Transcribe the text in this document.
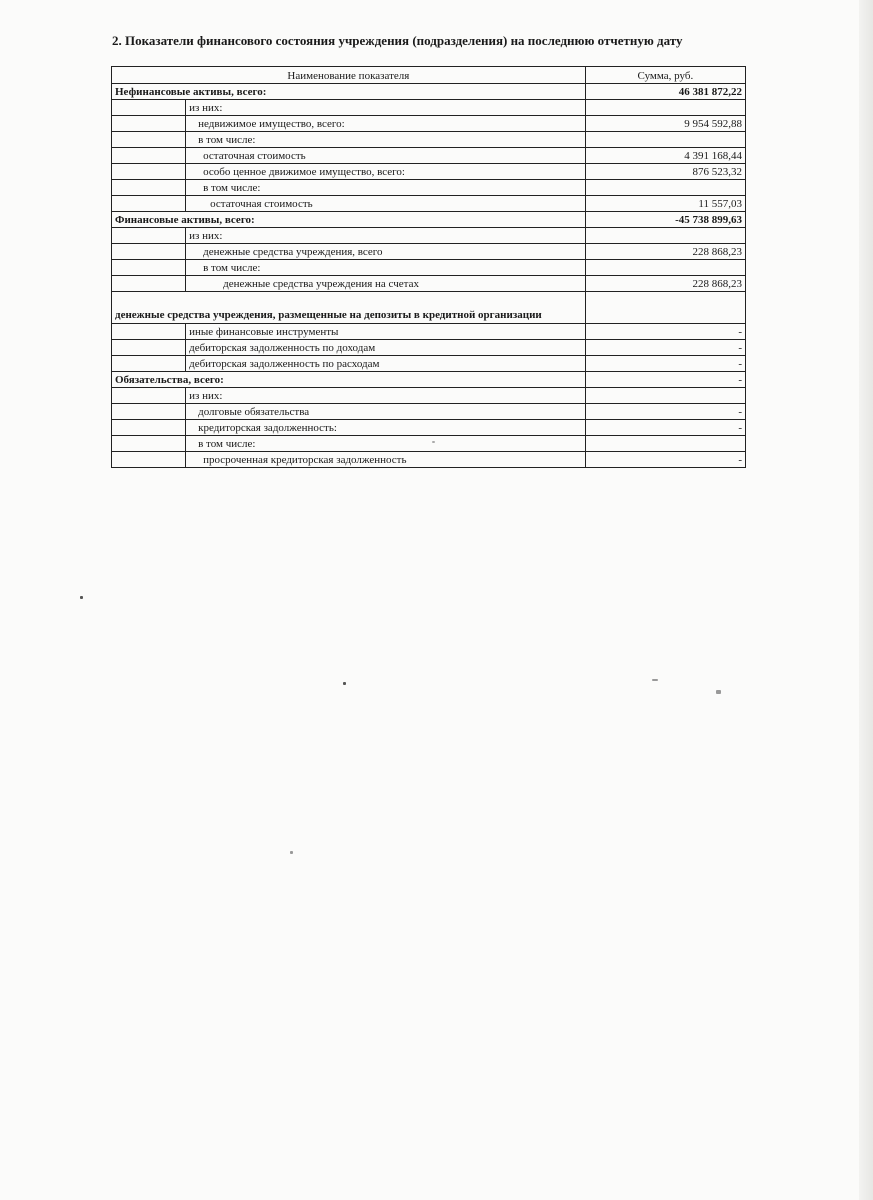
2. Показатели финансового состояния учреждения (подразделения) на последнюю отчетную дату
Наименование показателя		Сумма, руб.
Нефинансовые активы, всего:		46 381 872,22
	из них:	
	недвижимое имущество, всего:	9 954 592,88
	в том числе:	
	остаточная стоимость	4 391 168,44
	особо ценное движимое имущество, всего:	876 523,32
	в том числе:	
	остаточная стоимость	11 557,03
Финансовые активы, всего:		-45 738 899,63
	из них:	
	денежные средства учреждения, всего	228 868,23
	в том числе:	
	денежные средства учреждения на счетах	228 868,23
денежные средства учреждения, размещенные на депозиты в кредитной организации		
	иные финансовые инструменты	-
	дебиторская задолженность по доходам	-
	дебиторская задолженность по расходам	-
Обязательства, всего:		-
	из них:	
	долговые обязательства	-
	кредиторская задолженность:	-
	в том числе:	
	просроченная кредиторская задолженность	-
